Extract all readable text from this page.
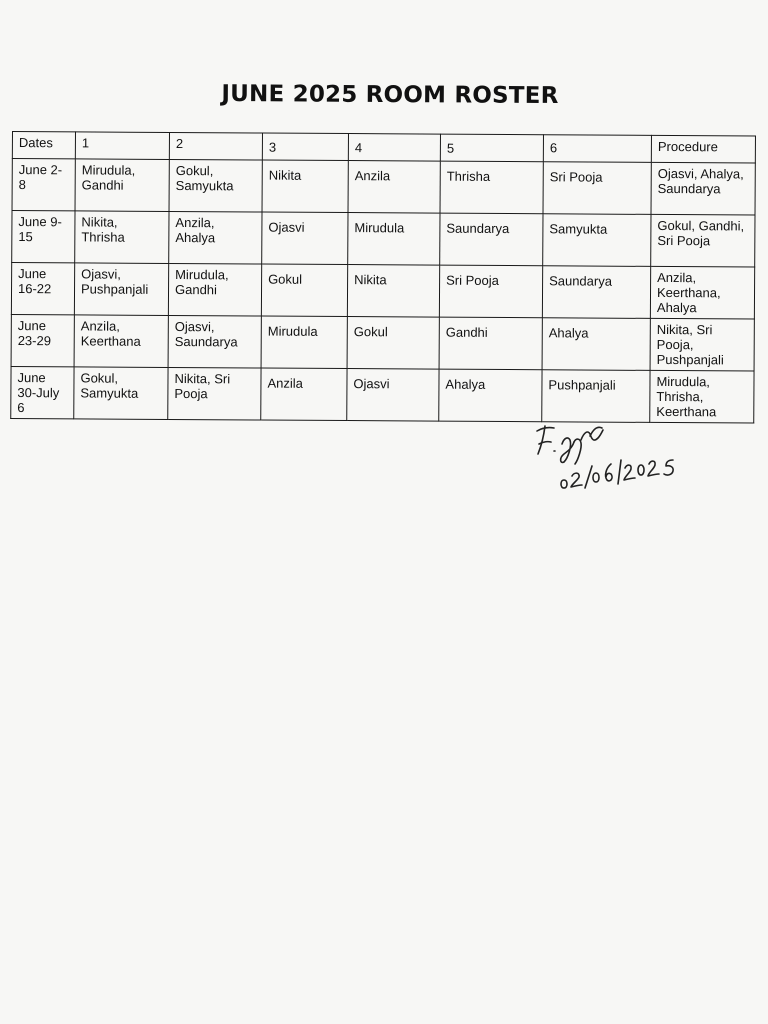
JUNE 2025 ROOM ROSTER
Dates	1	2	3	4	5	6	Procedure
June 2-8	Mirudula, Gandhi	Gokul, Samyukta	Nikita	Anzila	Thrisha	Sri Pooja	Ojasvi, Ahalya, Saundarya
June 9-15	Nikita, Thrisha	Anzila, Ahalya	Ojasvi	Mirudula	Saundarya	Samyukta	Gokul, Gandhi, Sri Pooja
June 16-22	Ojasvi, Pushpanjali	Mirudula, Gandhi	Gokul	Nikita	Sri Pooja	Saundarya	Anzila, Keerthana, Ahalya
June 23-29	Anzila, Keerthana	Ojasvi, Saundarya	Mirudula	Gokul	Gandhi	Ahalya	Nikita, Sri Pooja, Pushpanjali
June 30-July 6	Gokul, Samyukta	Nikita, Sri Pooja	Anzila	Ojasvi	Ahalya	Pushpanjali	Mirudula, Thrisha, Keerthana
